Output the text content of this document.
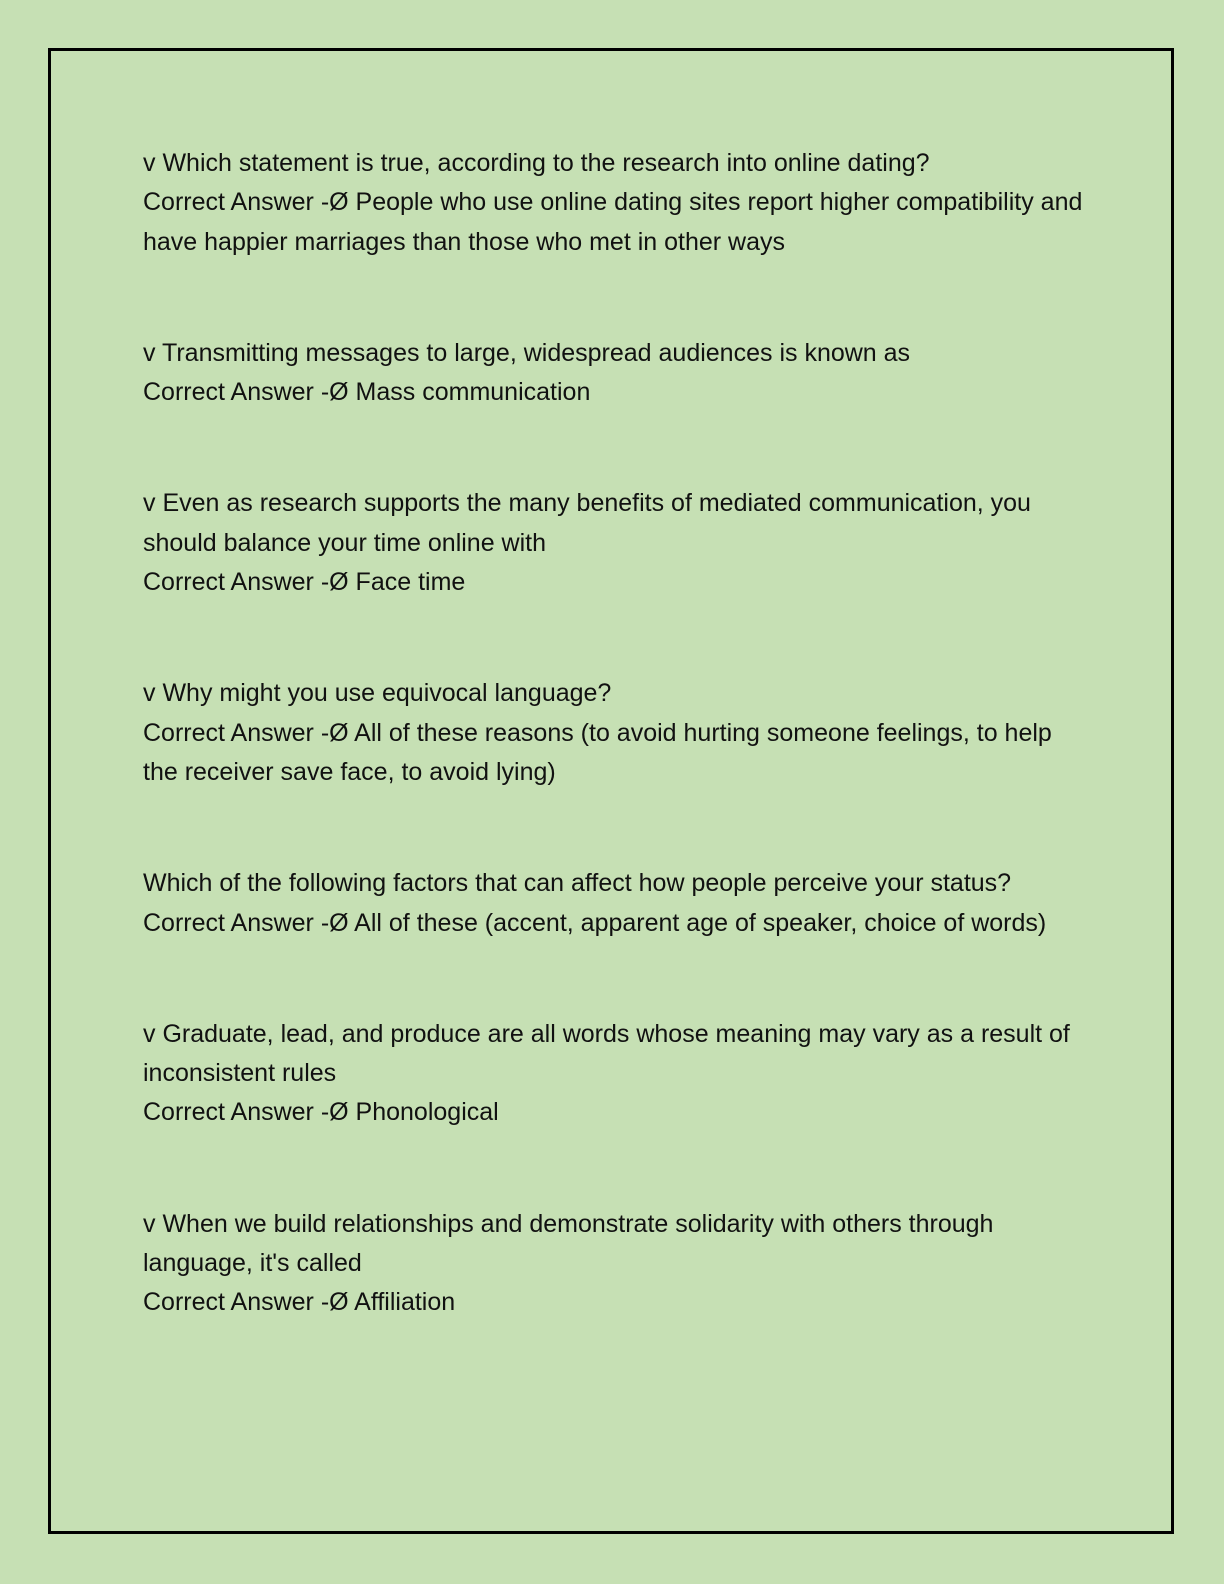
v Which statement is true, according to the research into online dating?

Correct Answer -Ø People who use online dating sites report higher compatibility and have happier marriages than those who met in other ways

v Transmitting messages to large, widespread audiences is known as

Correct Answer -Ø Mass communication

v Even as research supports the many benefits of mediated communication, you should balance your time online with

Correct Answer -Ø Face time

v Why might you use equivocal language?

Correct Answer -Ø All of these reasons (to avoid hurting someone feelings, to help the receiver save face, to avoid lying)

Which of the following factors that can affect how people perceive your status?

Correct Answer -Ø All of these (accent, apparent age of speaker, choice of words)

v Graduate, lead, and produce are all words whose meaning may vary as a result of inconsistent rules

Correct Answer -Ø Phonological

v When we build relationships and demonstrate solidarity with others through language, it's called

Correct Answer -Ø Affiliation
